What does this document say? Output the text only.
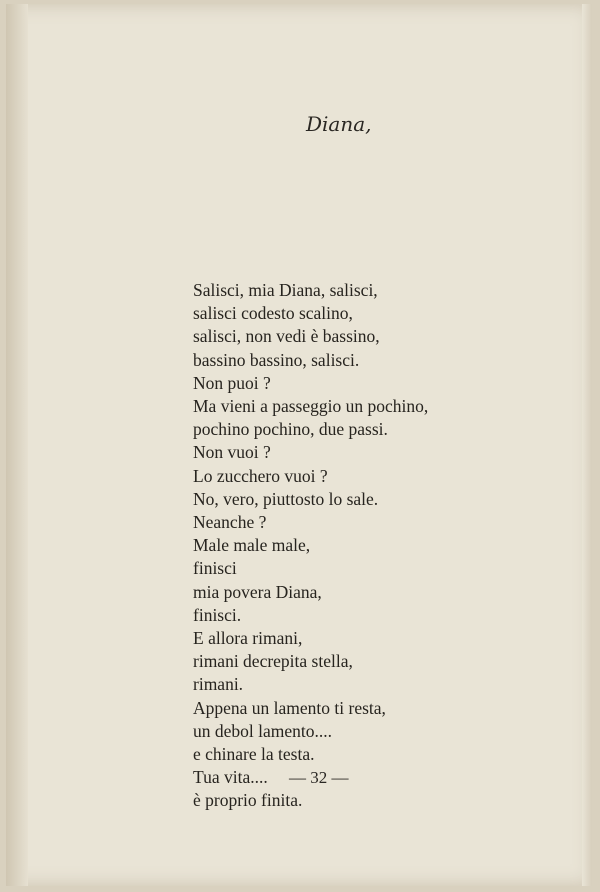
Diana,
Salisci, mia Diana, salisci,
salisci codesto scalino,
salisci, non vedi è bassino,
bassino bassino, salisci.
Non puoi ?
Ma vieni a passeggio un pochino,
pochino pochino, due passi.
Non vuoi ?
Lo zucchero vuoi ?
No, vero, piuttosto lo sale.
Neanche ?
Male male male,
finisci
mia povera Diana,
finisci.
E allora rimani,
rimani decrepita stella,
rimani.
Appena un lamento ti resta,
un debol lamento....
e chinare la testa.
Tua vita....
è proprio finita.
— 32 —
